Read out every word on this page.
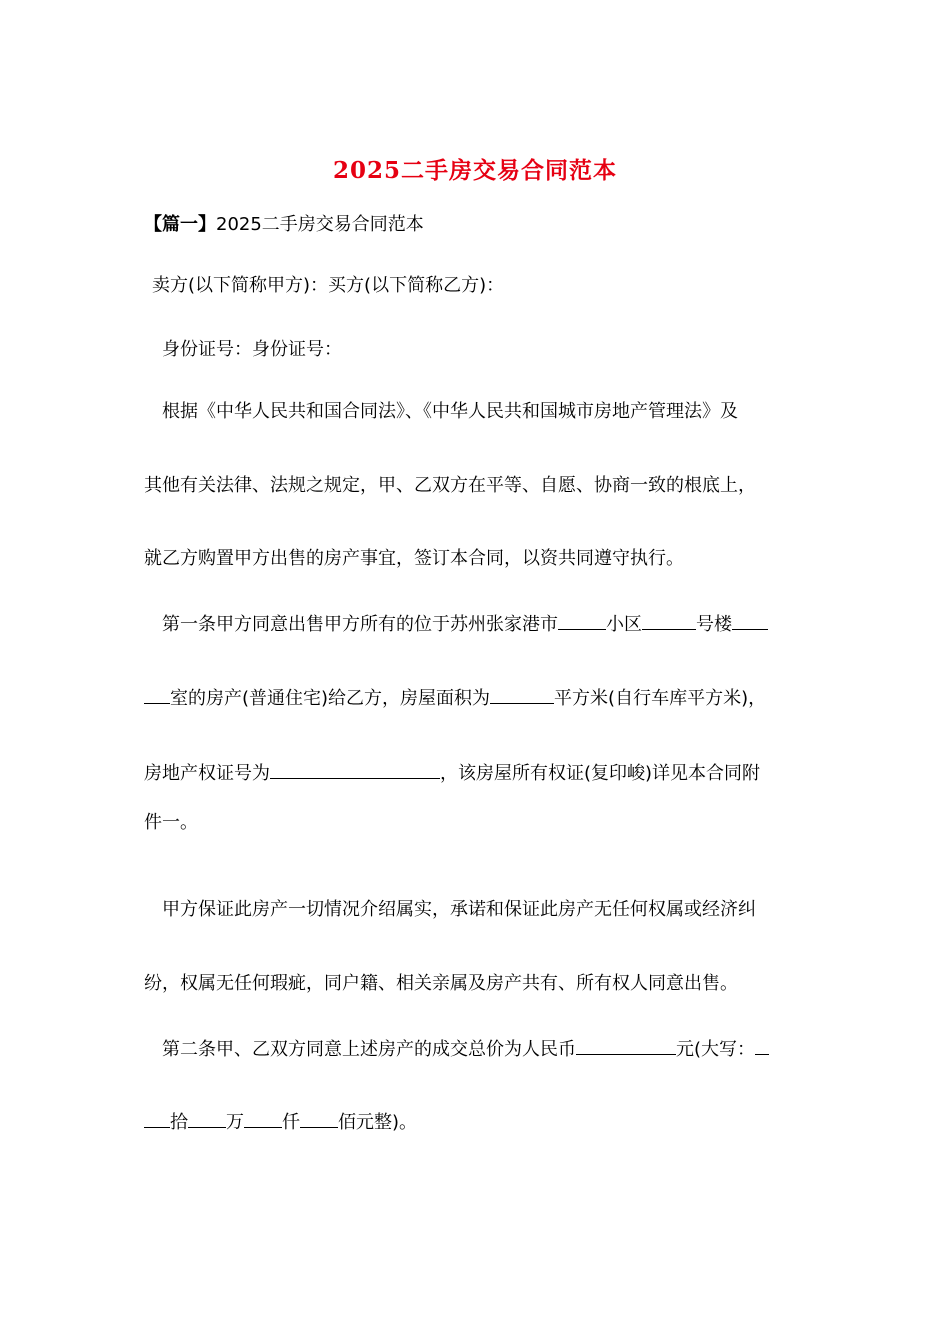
2025二手房交易合同范本
【篇一】2025二手房交易合同范本
卖方(以下简称甲方)：买方(以下简称乙方)：
身份证号：身份证号：
根据《中华人民共和国合同法》、《中华人民共和国城市房地产管理法》及
其他有关法律、法规之规定，甲、乙双方在平等、自愿、协商一致的根底上，
就乙方购置甲方出售的房产事宜，签订本合同，以资共同遵守执行。
第一条甲方同意出售甲方所有的位于苏州张家港市	小区	号楼
室的房产(普通住宅)给乙方，房屋面积为	平方米(自行车库平方米)，
房地产权证号为	，该房屋所有权证(复印峻)详见本合同附
件一。
甲方保证此房产一切情况介绍属实，承诺和保证此房产无任何权属或经济纠
纷，权属无任何瑕疵，同户籍、相关亲属及房产共有、所有权人同意出售。
第二条甲、乙双方同意上述房产的成交总价为人民币	元(大写：
拾 万 仟 佰元整)。
